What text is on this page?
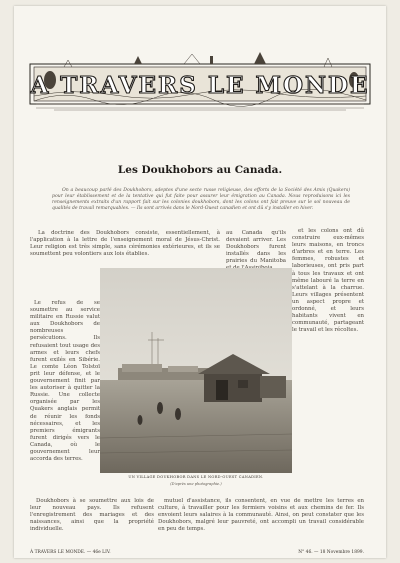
A TRAVERS LE MONDE
Les Doukhobors au Canada.
On a beaucoup parlé des Doukhobors, adeptes d'une secte russe religieuse, des efforts de la Société des Amis (Quakers) pour leur établissement et de la tentative qui fut faite pour assurer leur émigration au Canada. Nous reproduisons ici les renseignements extraits d'un rapport fait sur les colonies doukhobors, dont les colons ont fait preuve sur le sol nouveau de qualités de travail remarquables. — Ils sont arrivés dans le Nord-Ouest canadien et ont dû s'y installer en hiver.
La doctrine des Doukhobors consiste, essentiellement, à l'application à la lettre de l'enseignement moral de Jésus-Christ. Leur religion est très simple, sans cérémonies extérieures, et ils se soumettent peu volontiers aux lois établies.
au Canada qu'ils devaient arriver. Les Doukhobors furent installés dans les prairies du Manitoba
Le refus de se soumettre au service militaire en Russie valut aux Doukhobors de nombreuses persécutions. Ils refusaient tout usage des armes et leurs chefs furent exilés en Sibérie. Le comte Léon Tolstoï prit leur défense, et le gouvernement finit par les autoriser à quitter la Russie. Une collecte organisée par les Quakers anglais permit de réunir les fonds nécessaires, et les premiers émigrants furent dirigés vers le Canada, où le gouvernement leur accorda des terres.
et les colons ont dû construire eux-mêmes leurs maisons, en troncs d'arbres et en terre. Les femmes, robustes et laborieuses, ont pris part à tous les travaux et ont même labouré la terre en s'attelant à la charrue. Leurs villages présentent un aspect propre et ordonné, et leurs habitants vivent en communauté, partageant le travail et les récoltes.
UN VILLAGE DOUKHOBOR DANS LE NORD-OUEST CANADIEN.
(D'après une photographie.)
Doukhobors à se soumettre aux lois de leur nouveau pays. Ils refusent l'enregistrement des mariages et des naissances, ainsi que la propriété individuelle.
mutuel d'assistance, ils consentent, en vue de mettre les terres en culture, à travailler pour les fermiers voisins et aux chemins de fer. Ils envoient leurs salaires à la communauté. Ainsi, on peut constater que les Doukhobors, malgré leur pauvreté, ont accompli un travail considérable en peu de temps.
À TRAVERS LE MONDE. — 46e LIV.	N° 46. — 18 Novembre 1899.
